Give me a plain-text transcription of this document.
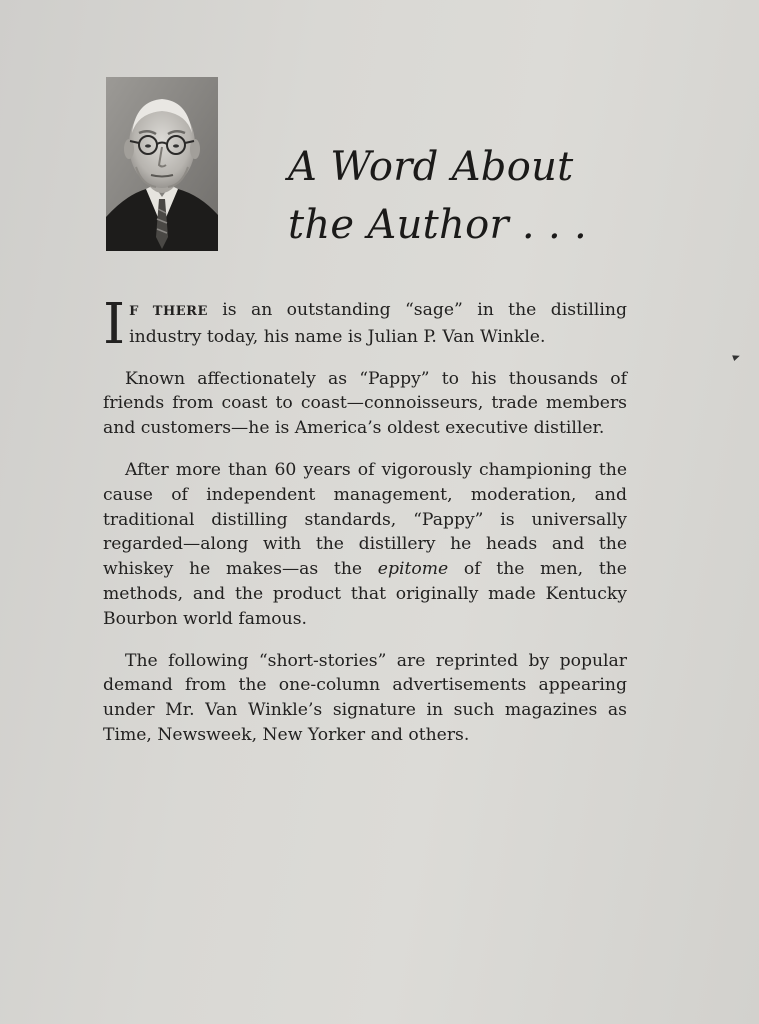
A Word About
the Author . . .

I F THERE is an outstanding “sage” in the distilling industry today, his name is Julian P. Van Winkle.

Known affectionately as “Pappy” to his thousands of friends from coast to coast—connoisseurs, trade members and customers—he is America’s oldest executive distiller.

After more than 60 years of vigorously championing the cause of independent management, moderation, and traditional distilling standards, “Pappy” is universally regarded—along with the distillery he heads and the whiskey he makes—as the epitome of the men, the methods, and the product that originally made Kentucky Bourbon world famous.

The following “short-stories” are reprinted by popular demand from the one-column advertisements appearing under Mr. Van Winkle’s signature in such magazines as Time, Newsweek, New Yorker and others.
